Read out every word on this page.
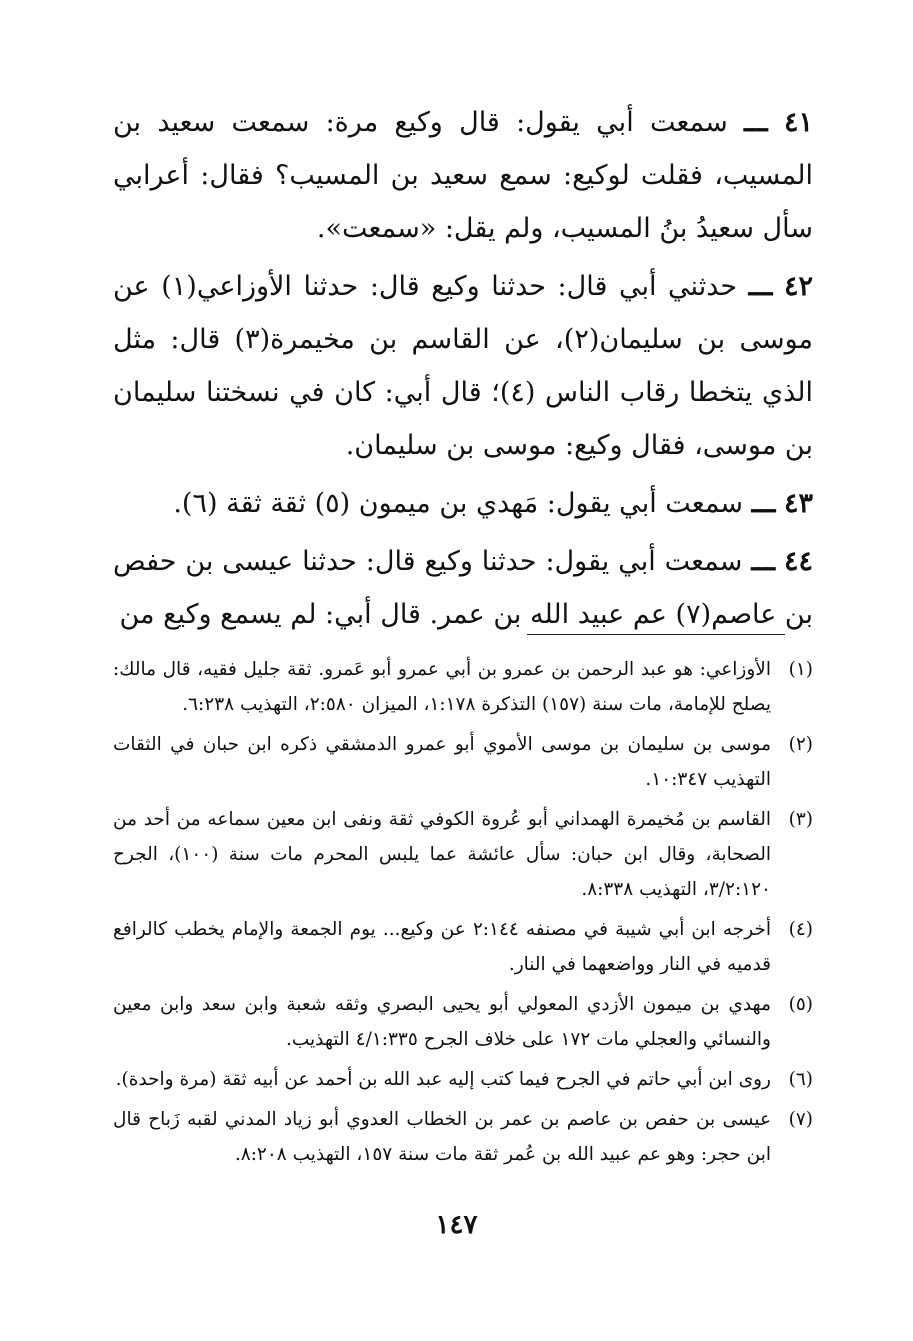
٤١ ـــ سمعت أبي يقول: قال وكيع مرة: سمعت سعيد بن المسيب، فقلت لوكيع: سمع سعيد بن المسيب؟ فقال: أعرابي سأل سعيدُ بنُ المسيب، ولم يقل: «سمعت».

٤٢ ـــ حدثني أبي قال: حدثنا وكيع قال: حدثنا الأوزاعي(١) عن موسى بن سليمان(٢)، عن القاسم بن مخيمرة(٣) قال: مثل الذي يتخطا رقاب الناس (٤)؛ قال أبي: كان في نسختنا سليمان بن موسى، فقال وكيع: موسى بن سليمان.

٤٣ ـــ سمعت أبي يقول: مَهدي بن ميمون (٥) ثقة ثقة (٦).

٤٤ ـــ سمعت أبي يقول: حدثنا وكيع قال: حدثنا عيسى بن حفص بن عاصم(٧) عم عبيد الله بن عمر. قال أبي: لم يسمع وكيع من

(١)
الأوزاعي: هو عبد الرحمن بن عمرو بن أبي عمرو أبو عَمرو. ثقة جليل فقيه، قال مالك: يصلح للإمامة، مات سنة (١٥٧) التذكرة ١:١٧٨، الميزان ٢:٥٨٠، التهذيب ٦:٢٣٨.
(٢)
موسى بن سليمان بن موسى الأموي أبو عمرو الدمشقي ذكره ابن حبان في الثقات التهذيب ١٠:٣٤٧.
(٣)
القاسم بن مُخيمرة الهمداني أبو عُروة الكوفي ثقة ونفى ابن معين سماعه من أحد من الصحابة، وقال ابن حبان: سأل عائشة عما يلبس المحرم مات سنة (١٠٠)، الجرح ٣/٢:١٢٠، التهذيب ٨:٣٣٨.
(٤)
أخرجه ابن أبي شيبة في مصنفه ٢:١٤٤ عن وكيع... يوم الجمعة والإمام يخطب كالرافع قدميه في النار وواضعهما في النار.
(٥)
مهدي بن ميمون الأزدي المعولي أبو يحيى البصري وثقه شعبة وابن سعد وابن معين والنسائي والعجلي مات ١٧٢ على خلاف الجرح ٤/١:٣٣٥ التهذيب.
(٦)
روى ابن أبي حاتم في الجرح فيما كتب إليه عبد الله بن أحمد عن أبيه ثقة (مرة واحدة).
(٧)
عيسى بن حفص بن عاصم بن عمر بن الخطاب العدوي أبو زياد المدني لقبه زَباح قال ابن حجر: وهو عم عبيد الله بن عُمر ثقة مات سنة ١٥٧، التهذيب ٨:٢٠٨.
١٤٧
